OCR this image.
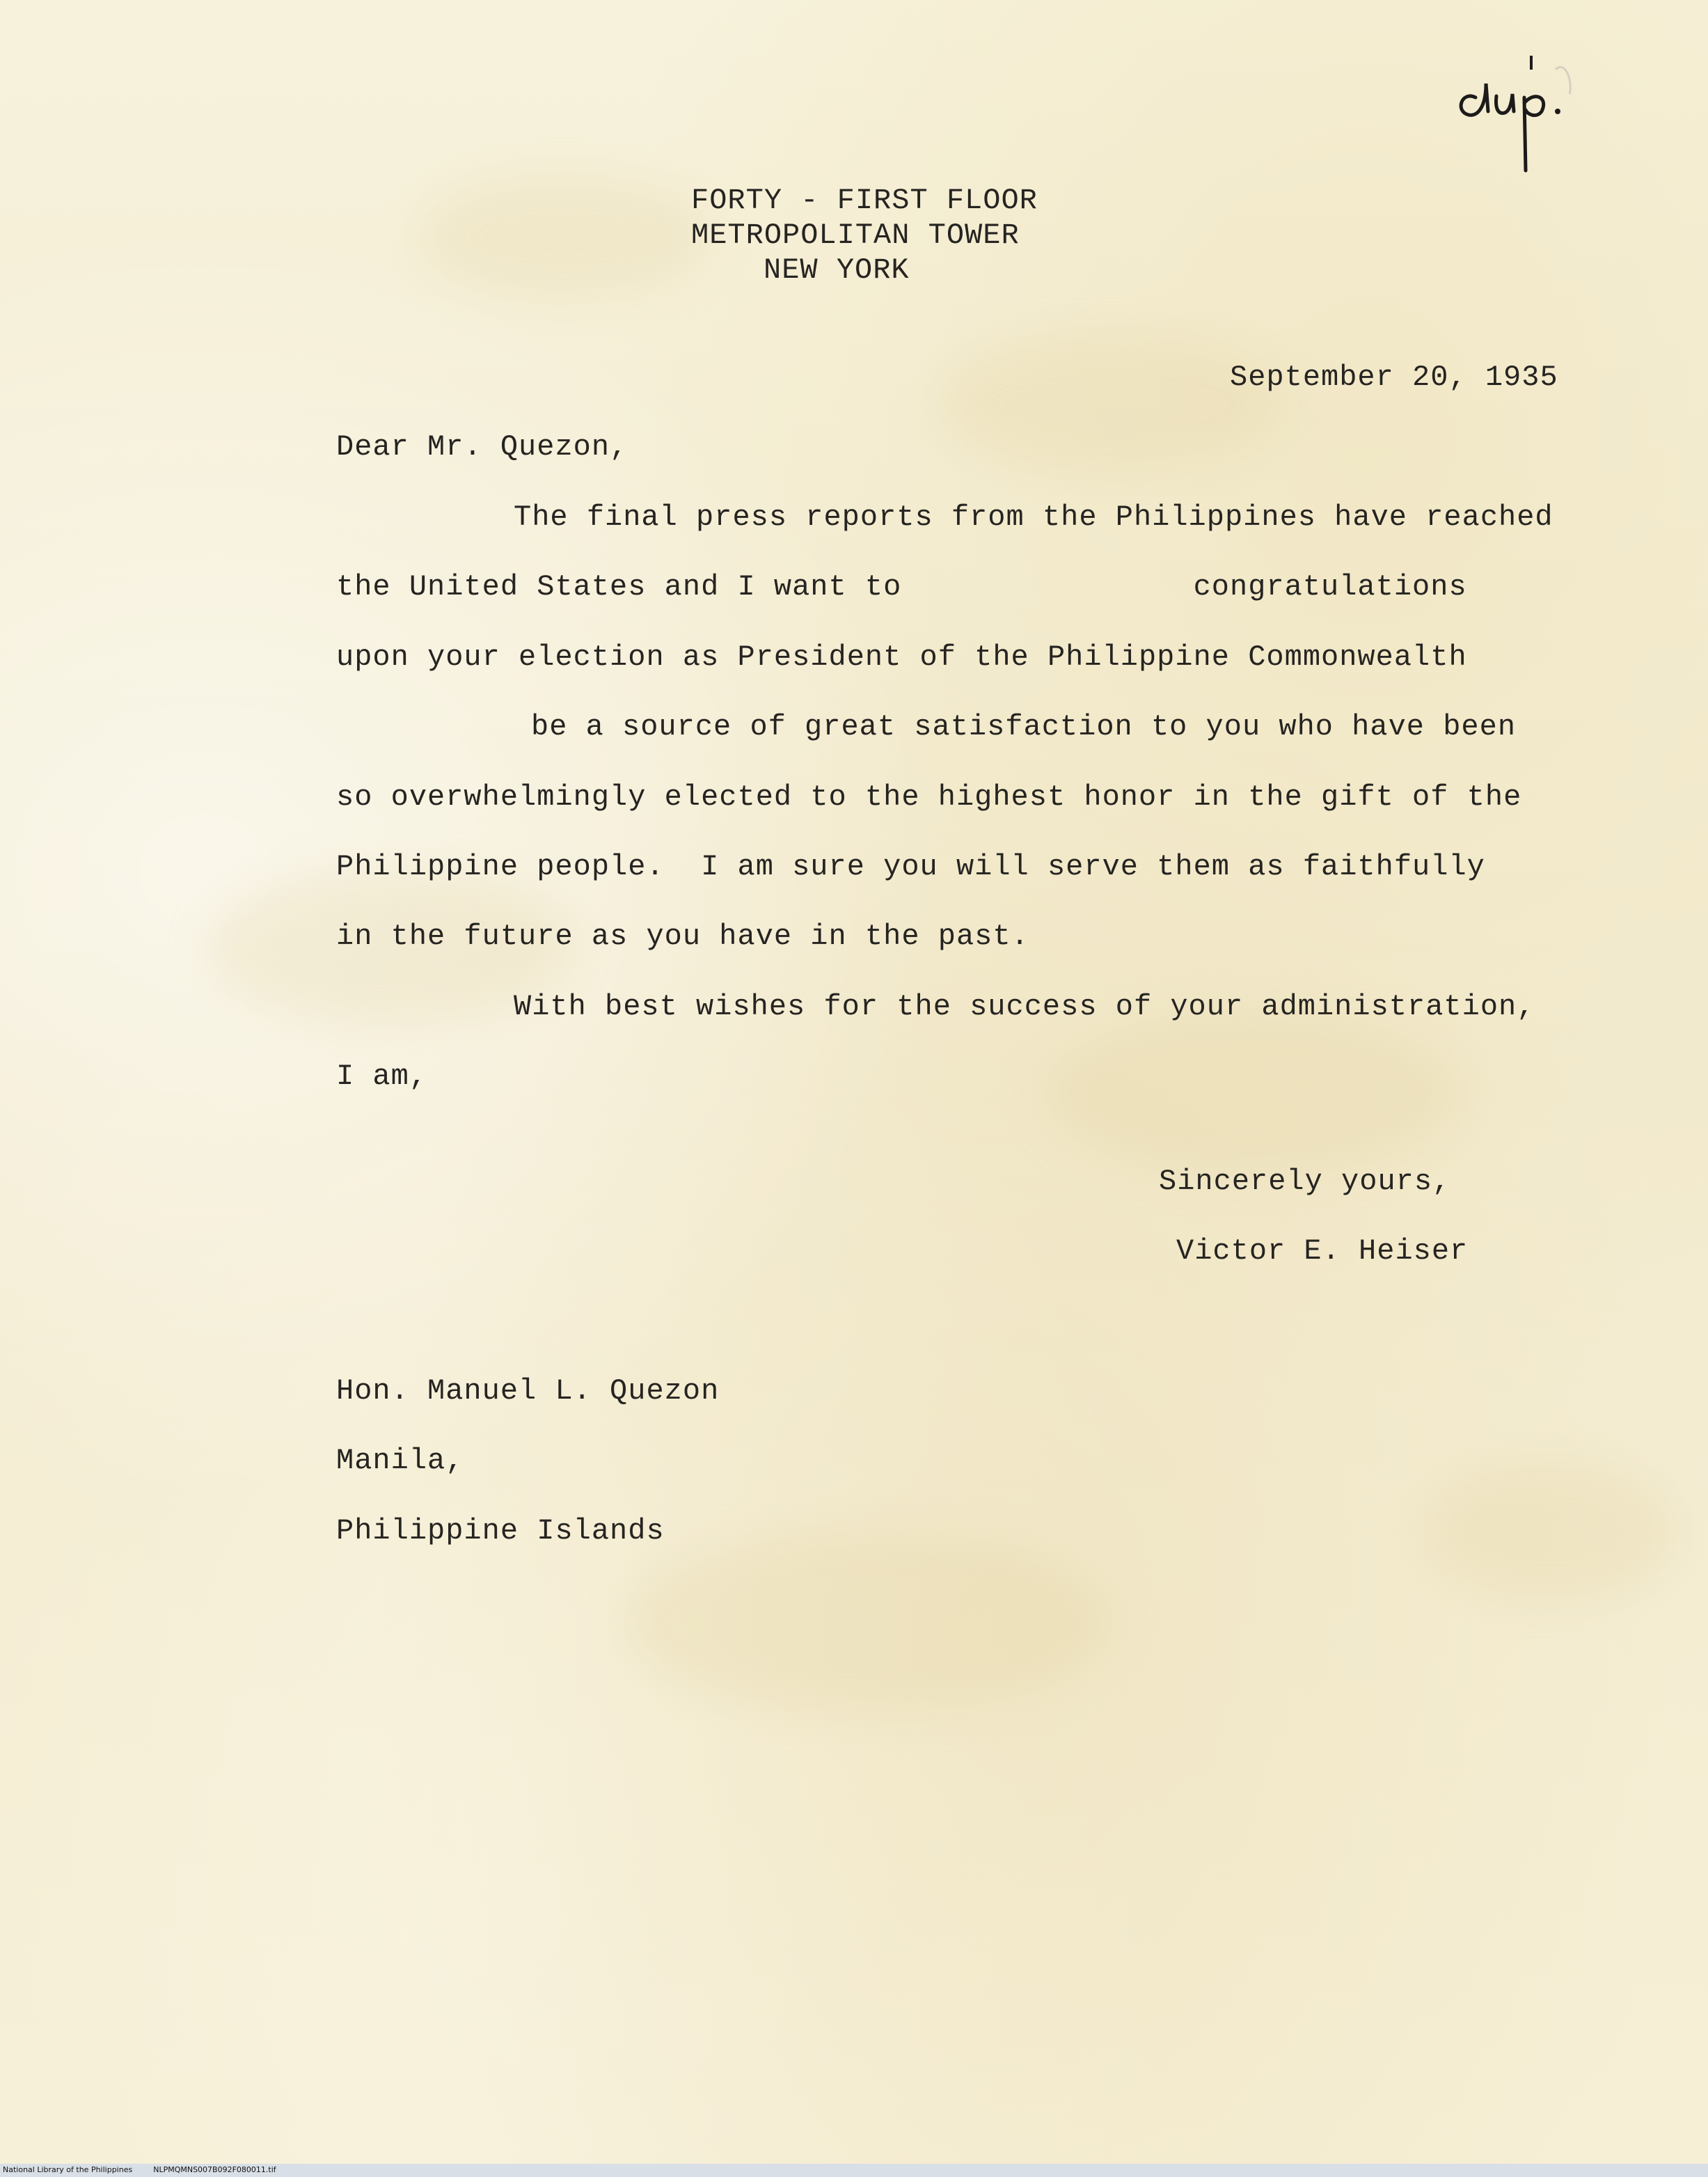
FORTY - FIRST FLOOR
METROPOLITAN TOWER
NEW YORK
September 20, 1935
Dear Mr. Quezon,
The final press reports from the Philippines have reached
the United States and I want to                congratulations
upon your election as President of the Philippine Commonwealth
be a source of great satisfaction to you who have been
so overwhelmingly elected to the highest honor in the gift of the
Philippine people.  I am sure you will serve them as faithfully
in the future as you have in the past.
With best wishes for the success of your administration,
I am,
Sincerely yours,
Victor E. Heiser
Hon. Manuel L. Quezon
Manila,
Philippine Islands
National Library of the Philippines	NLPMQMNS007B092F080011.tif
